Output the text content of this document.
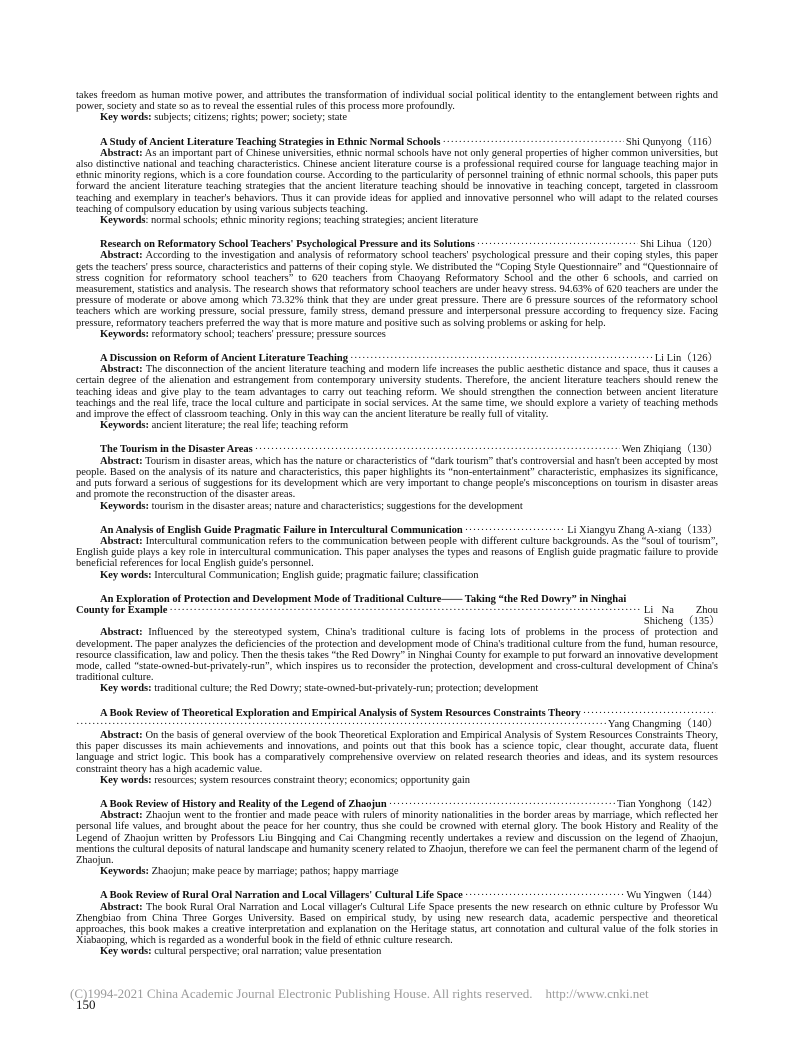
takes freedom as human motive power, and attributes the transformation of individual social political identity to the entanglement between rights and power, society and state so as to reveal the essential rules of this process more profoundly.

Key words: subjects; citizens; rights; power; society; state

A Study of Ancient Literature Teaching Strategies in Ethnic Normal Schools ·····	Shi Qunyong（116）

Abstract: As an important part of Chinese universities, ethnic normal schools have not only general properties of higher common universities, but also distinctive national and teaching characteristics. Chinese ancient literature course is a professional required course for language teaching major in ethnic minority regions, which is a core foundation course. According to the particularity of personnel training of ethnic normal schools, this paper puts forward the ancient literature teaching strategies that the ancient literature teaching should be innovative in teaching concept, targeted in classroom teaching and exemplary in teacher's behaviors. Thus it can provide ideas for applied and innovative personnel who will adapt to the related courses teaching of compulsory education by using various subjects teaching.

Keywords: normal schools; ethnic minority regions; teaching strategies; ancient literature

Research on Reformatory School Teachers' Psychological Pressure and its Solutions ·····	Shi Lihua（120）

Abstract: According to the investigation and analysis of reformatory school teachers' psychological pressure and their coping styles, this paper gets the teachers' press source, characteristics and patterns of their coping style. We distributed the “Coping Style Questionnaire” and “Questionnaire of stress cognition for reformatory school teachers” to 620 teachers from Chaoyang Reformatory School and the other 6 schools, and carried on measurement, statistics and analysis. The research shows that reformatory school teachers are under heavy stress. 94.63% of 620 teachers are under the pressure of moderate or above among which 73.32% think that they are under great pressure. There are 6 pressure sources of the reformatory school teachers which are working pressure, social pressure, family stress, demand pressure and interpersonal pressure according to frequency size. Facing pressure, reformatory teachers preferred the way that is more mature and positive such as solving problems or asking for help.

Keywords: reformatory school; teachers' pressure; pressure sources

A Discussion on Reform of Ancient Literature Teaching ·····	Li Lin（126）

Abstract: The disconnection of the ancient literature teaching and modern life increases the public aesthetic distance and space, thus it causes a certain degree of the alienation and estrangement from contemporary university students. Therefore, the ancient literature teachers should renew the teaching ideas and give play to the team advantages to carry out teaching reform. We should strengthen the connection between ancient literature teachings and the real life, trace the local culture and participate in social services. At the same time, we should explore a variety of teaching methods and improve the effect of classroom teaching. Only in this way can the ancient literature be really full of vitality.

Keywords: ancient literature; the real life; teaching reform

The Tourism in the Disaster Areas ·····	Wen Zhiqiang（130）

Abstract: Tourism in disaster areas, which has the nature or characteristics of “dark tourism” that's controversial and hasn't been accepted by most people. Based on the analysis of its nature and characteristics, this paper highlights its “non-entertainment” characteristic, emphasizes its significance, and puts forward a serious of suggestions for its development which are very important to change people's misconceptions on tourism in disaster areas and promote the reconstruction of the disaster areas.

Keywords: tourism in the disaster areas; nature and characteristics; suggestions for the development

An Analysis of English Guide Pragmatic Failure in Intercultural Communication ·····	Li Xiangyu Zhang A-xiang（133）

Abstract: Intercultural communication refers to the communication between people with different culture backgrounds. As the “soul of tourism”, English guide plays a key role in intercultural communication. This paper analyses the types and reasons of English guide pragmatic failure to provide beneficial references for local English guide's personnel.

Key words: Intercultural Communication; English guide; pragmatic failure; classification

An Exploration of Protection and Development Mode of Traditional Culture—— Taking “the Red Dowry” in Ninghai

County for Example ·····	Li Na　Zhou Shicheng（135）

Abstract: Influenced by the stereotyped system, China's traditional culture is facing lots of problems in the process of protection and development. The paper analyzes the deficiencies of the protection and development mode of China's traditional culture from the fund, human resource, resource classification, law and policy. Then the thesis takes “the Red Dowry” in Ninghai County for example to put forward an innovative development mode, called “state-owned-but-privately-run”, which inspires us to reconsider the protection, development and cross-cultural development of China's traditional culture.

Key words: traditional culture; the Red Dowry; state-owned-but-privately-run; protection; development

A Book Review of Theoretical Exploration and Empirical Analysis of System Resources Constraints Theory
·····

·····
Yang Changming（140）

Abstract: On the basis of general overview of the book Theoretical Exploration and Empirical Analysis of System Resources Constraints Theory, this paper discusses its main achievements and innovations, and points out that this book has a science topic, clear thought, accurate data, fluent language and strict logic. This book has a comparatively comprehensive overview on related research theories and ideas, and its system resources constraint theory has a high academic value.

Key words: resources; system resources constraint theory; economics; opportunity gain

A Book Review of History and Reality of the Legend of Zhaojun ·····	Tian Yonghong（142）

Abstract: Zhaojun went to the frontier and made peace with rulers of minority nationalities in the border areas by marriage, which reflected her personal life values, and brought about the peace for her country, thus she could be crowned with eternal glory. The book History and Reality of the Legend of Zhaojun written by Professors Liu Bingqing and Cai Changming recently undertakes a review and discussion on the legend of Zhaojun, mentions the cultural deposits of natural landscape and humanity scenery related to Zhaojun, therefore we can feel the permanent charm of the legend of Zhaojun.

Keywords: Zhaojun; make peace by marriage; pathos; happy marriage

A Book Review of Rural Oral Narration and Local Villagers' Cultural Life Space ·····	Wu Yingwen（144）

Abstract: The book Rural Oral Narration and Local villager's Cultural Life Space presents the new research on ethnic culture by Professor Wu Zhengbiao from China Three Gorges University. Based on empirical study, by using new research data, academic perspective and theoretical approaches, this book makes a creative interpretation and explanation on the Heritage status, art connotation and cultural value of the folk stories in Xiabaoping, which is regarded as a wonderful book in the field of ethnic culture research.

Key words: cultural perspective; oral narration; value presentation

(C)1994-2021 China Academic Journal Electronic Publishing House. All rights reserved.　http://www.cnki.net
150
